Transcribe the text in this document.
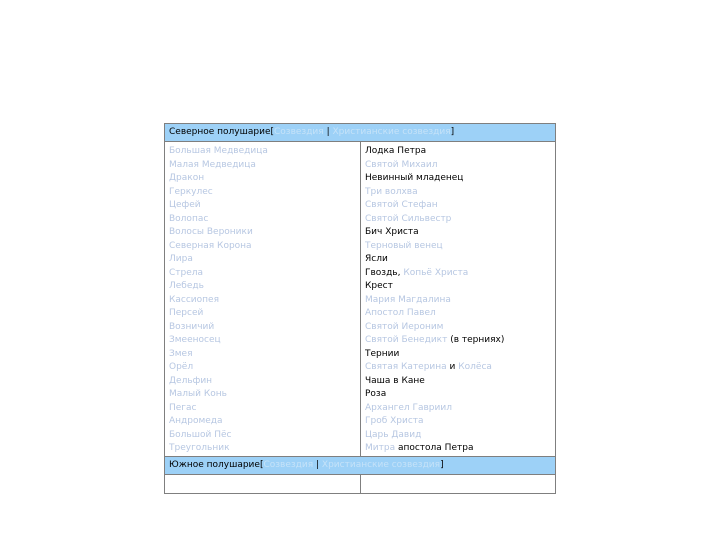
Северное полушарие[Созвездия | Христианские созвездия]
Большая Медведица
Малая Медведица
Дракон
Геркулес
Цефей
Волопас
Волосы Вероники
Северная Корона
Лира
Стрела
Лебедь
Кассиопея
Персей
Возничий
Змееносец
Змея
Орёл
Дельфин
Малый Конь
Пегас
Андромеда
Большой Пёс
Треугольник
Лодка Петра
Святой Михаил
Невинный младенец
Три волхва
Святой Стефан
Святой Сильвестр
Бич Христа
Терновый венец
Ясли
Гвоздь, Копьё Христа
Крест
Мария Магдалина
Апостол Павел
Святой Иероним
Святой Бенедикт (в терниях)
Тернии
Святая Катерина и Колёса
Чаша в Кане
Роза
Архангел Гавриил
Гроб Христа
Царь Давид
Митра апостола Петра
Южное полушарие[Созвездия | Христианские созвездия]
